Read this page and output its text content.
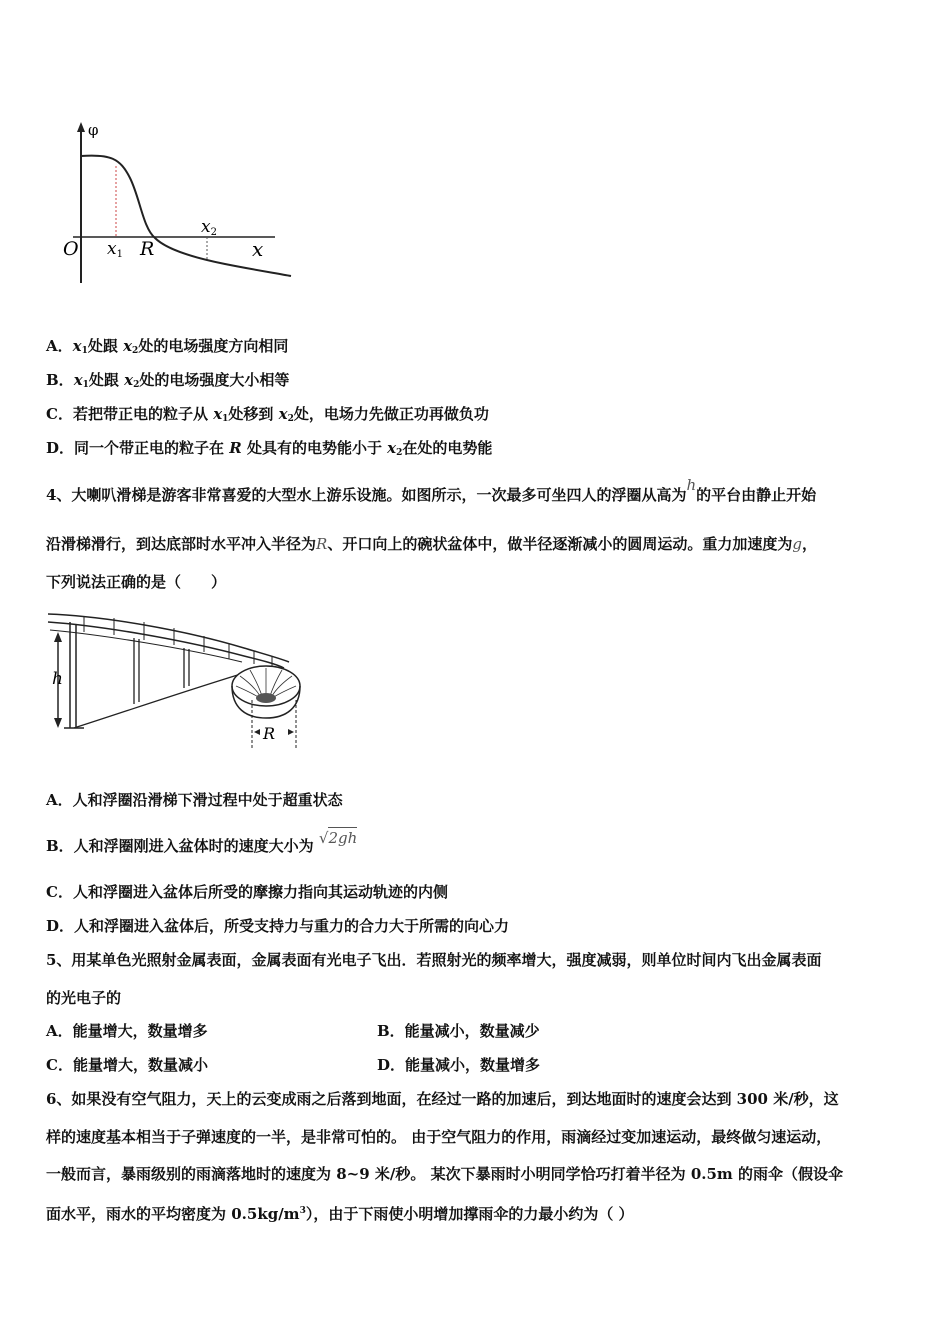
φ
O x1 R
x2
x
A．$x_1$处跟 $x_2$处的电场强度方向相同
B．$x_1$处跟 $x_2$处的电场强度大小相等
C．若把带正电的粒子从 $x_1$处移到 $x_2$处，电场力先做正功再做负功
D．同一个带正电的粒子在 R 处具有的电势能小于 $x_2$在处的电势能
4、大喇叭滑梯是游客非常喜爱的大型水上游乐设施。如图所示，一次最多可坐四人的浮圈从高为h的平台由静止开始
沿滑梯滑行，到达底部时水平冲入半径为R、开口向上的碗状盆体中，做半径逐渐减小的圆周运动。重力加速度为g，
下列说法正确的是（　　）
h
R
A．人和浮圈沿滑梯下滑过程中处于超重状态
B．人和浮圈刚进入盆体时的速度大小为 √2gh
C．人和浮圈进入盆体后所受的摩擦力指向其运动轨迹的内侧
D．人和浮圈进入盆体后，所受支持力与重力的合力大于所需的向心力
5、用某单色光照射金属表面，金属表面有光电子飞出．若照射光的频率增大，强度减弱，则单位时间内飞出金属表面
的光电子的
A．能量增大，数量增多	B．能量减小，数量减少
C．能量增大，数量减小	D．能量减小，数量增多
6、如果没有空气阻力，天上的云变成雨之后落到地面，在经过一路的加速后，到达地面时的速度会达到 300 米/秒，这
样的速度基本相当于子弹速度的一半，是非常可怕的。 由于空气阻力的作用，雨滴经过变加速运动，最终做匀速运动，
一般而言，暴雨级别的雨滴落地时的速度为 8~9 米/秒。 某次下暴雨时小明同学恰巧打着半径为 0.5m 的雨伞（假设伞
面水平，雨水的平均密度为 $0.5kg/m^3$），由于下雨使小明增加撑雨伞的力最小约为（ ）
